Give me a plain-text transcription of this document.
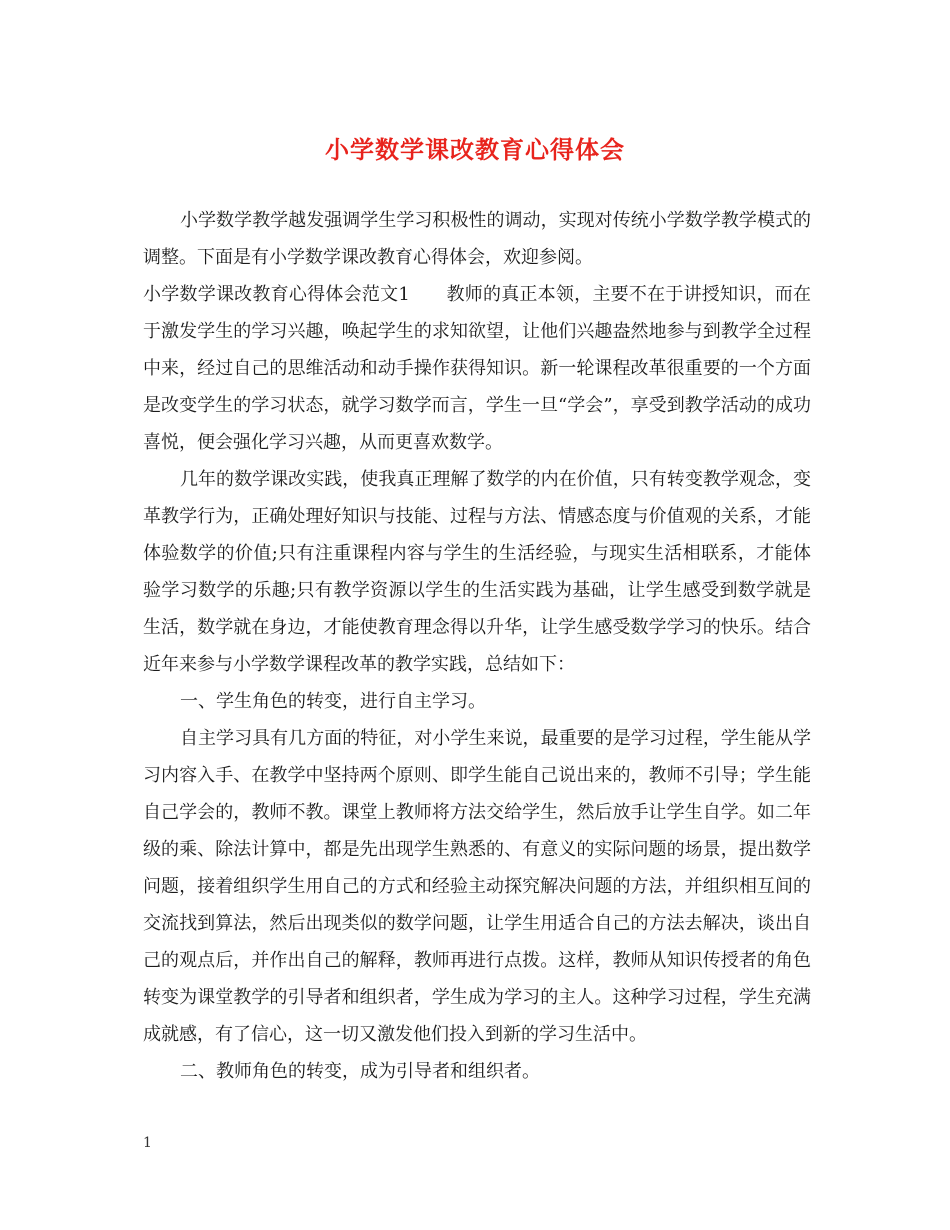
小学数学课改教育心得体会

小学数学教学越发强调学生学习积极性的调动，实现对传统小学数学教学模式的调整。下面是有小学数学课改教育心得体会，欢迎参阅。

小学数学课改教育心得体会范文1　　教师的真正本领，主要不在于讲授知识，而在于激发学生的学习兴趣，唤起学生的求知欲望，让他们兴趣盎然地参与到教学全过程中来，经过自己的思维活动和动手操作获得知识。新一轮课程改革很重要的一个方面是改变学生的学习状态，就学习数学而言，学生一旦“学会”，享受到教学活动的成功喜悦，便会强化学习兴趣，从而更喜欢数学。

几年的数学课改实践，使我真正理解了数学的内在价值，只有转变教学观念，变革教学行为，正确处理好知识与技能、过程与方法、情感态度与价值观的关系，才能体验数学的价值;只有注重课程内容与学生的生活经验，与现实生活相联系，才能体验学习数学的乐趣;只有教学资源以学生的生活实践为基础，让学生感受到数学就是生活，数学就在身边，才能使教育理念得以升华，让学生感受数学学习的快乐。结合近年来参与小学数学课程改革的教学实践，总结如下：

一、学生角色的转变，进行自主学习。

自主学习具有几方面的特征，对小学生来说，最重要的是学习过程，学生能从学习内容入手、在教学中坚持两个原则、即学生能自己说出来的，教师不引导；学生能自己学会的，教师不教。课堂上教师将方法交给学生，然后放手让学生自学。如二年级的乘、除法计算中，都是先出现学生熟悉的、有意义的实际问题的场景，提出数学问题，接着组织学生用自己的方式和经验主动探究解决问题的方法，并组织相互间的交流找到算法，然后出现类似的数学问题，让学生用适合自己的方法去解决，谈出自己的观点后，并作出自己的解释，教师再进行点拨。这样，教师从知识传授者的角色转变为课堂教学的引导者和组织者，学生成为学习的主人。这种学习过程，学生充满成就感，有了信心，这一切又激发他们投入到新的学习生活中。

二、教师角色的转变，成为引导者和组织者。

1
